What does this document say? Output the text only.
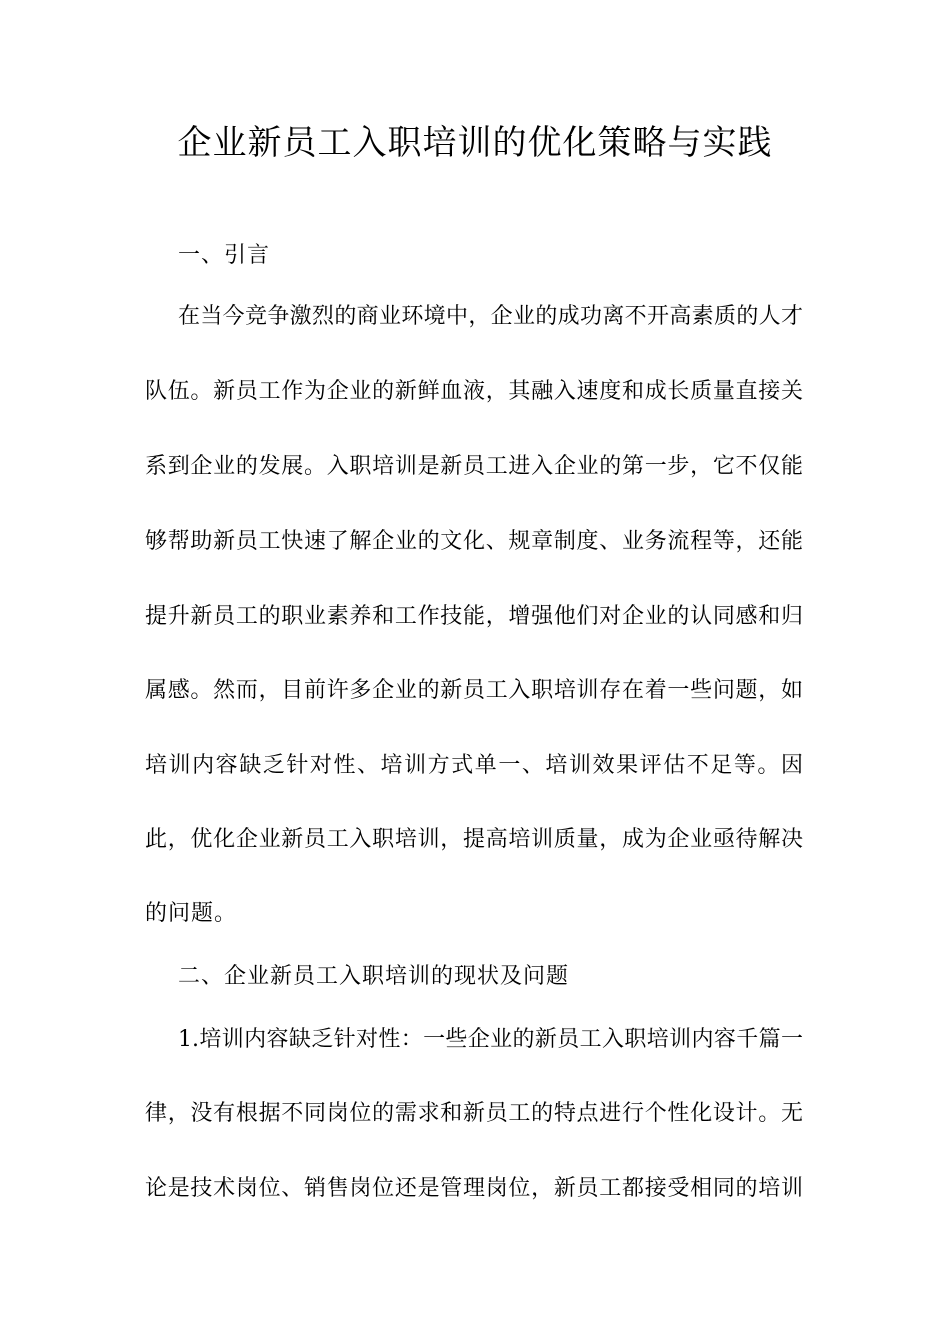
企业新员工入职培训的优化策略与实践
一、引言
在当今竞争激烈的商业环境中，企业的成功离不开高素质的人才
队伍。新员工作为企业的新鲜血液，其融入速度和成长质量直接关
系到企业的发展。入职培训是新员工进入企业的第一步，它不仅能
够帮助新员工快速了解企业的文化、规章制度、业务流程等，还能
提升新员工的职业素养和工作技能，增强他们对企业的认同感和归
属感。然而，目前许多企业的新员工入职培训存在着一些问题，如
培训内容缺乏针对性、培训方式单一、培训效果评估不足等。因
此，优化企业新员工入职培训，提高培训质量，成为企业亟待解决
的问题。
二、企业新员工入职培训的现状及问题
1.培训内容缺乏针对性：一些企业的新员工入职培训内容千篇一
律，没有根据不同岗位的需求和新员工的特点进行个性化设计。无
论是技术岗位、销售岗位还是管理岗位，新员工都接受相同的培训
